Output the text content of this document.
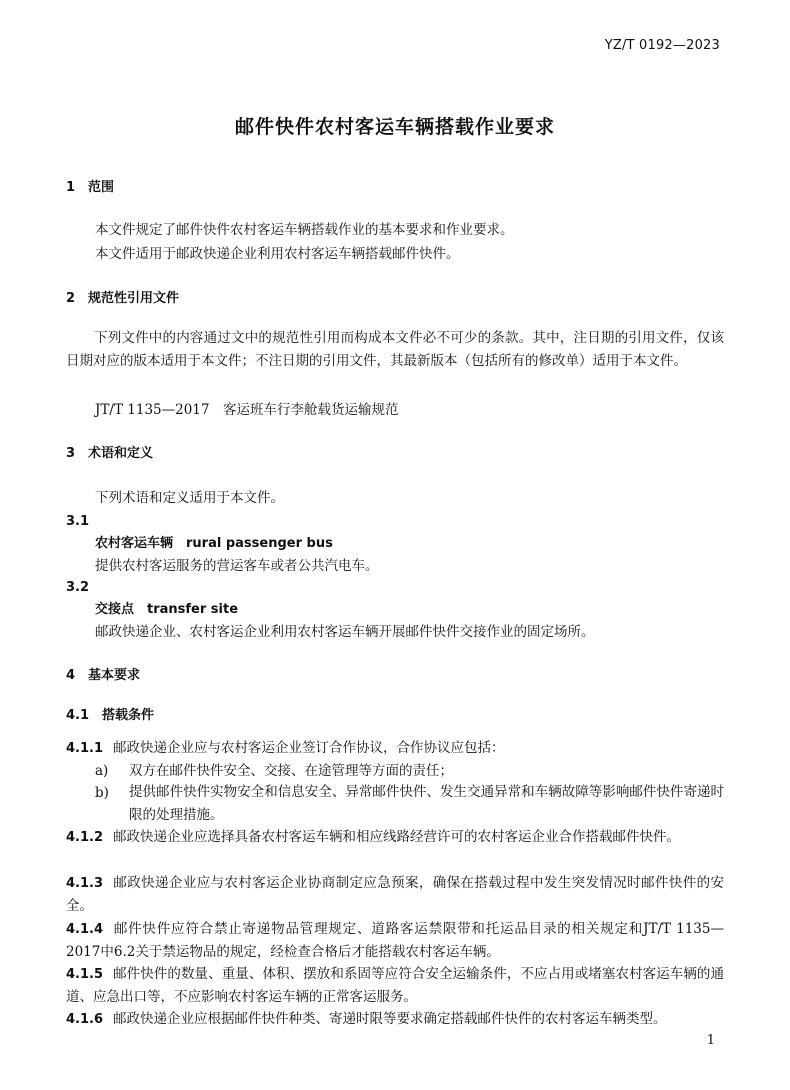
YZ/T 0192—2023
邮件快件农村客运车辆搭载作业要求
1　范围
本文件规定了邮件快件农村客运车辆搭载作业的基本要求和作业要求。
本文件适用于邮政快递企业利用农村客运车辆搭载邮件快件。
2　规范性引用文件
下列文件中的内容通过文中的规范性引用而构成本文件必不可少的条款。其中，注日期的引用文件，仅该日期对应的版本适用于本文件；不注日期的引用文件，其最新版本（包括所有的修改单）适用于本文件。
JT/T 1135—2017　客运班车行李舱载货运输规范
3　术语和定义
下列术语和定义适用于本文件。
3.1
农村客运车辆　rural passenger bus
提供农村客运服务的营运客车或者公共汽电车。
3.2
交接点　transfer site
邮政快递企业、农村客运企业利用农村客运车辆开展邮件快件交接作业的固定场所。
4　基本要求
4.1　搭载条件
4.1.1 邮政快递企业应与农村客运企业签订合作协议，合作协议应包括：
a) 双方在邮件快件安全、交接、在途管理等方面的责任；
b) 提供邮件快件实物安全和信息安全、异常邮件快件、发生交通异常和车辆故障等影响邮件快件寄递时限的处理措施。
4.1.2 邮政快递企业应选择具备农村客运车辆和相应线路经营许可的农村客运企业合作搭载邮件快件。
4.1.3 邮政快递企业应与农村客运企业协商制定应急预案，确保在搭载过程中发生突发情况时邮件快件的安全。
4.1.4 邮件快件应符合禁止寄递物品管理规定、道路客运禁限带和托运品目录的相关规定和JT/T 1135—2017中6.2关于禁运物品的规定，经检查合格后才能搭载农村客运车辆。
4.1.5 邮件快件的数量、重量、体积、摆放和系固等应符合安全运输条件，不应占用或堵塞农村客运车辆的通道、应急出口等，不应影响农村客运车辆的正常客运服务。
4.1.6 邮政快递企业应根据邮件快件种类、寄递时限等要求确定搭载邮件快件的农村客运车辆类型。
1
